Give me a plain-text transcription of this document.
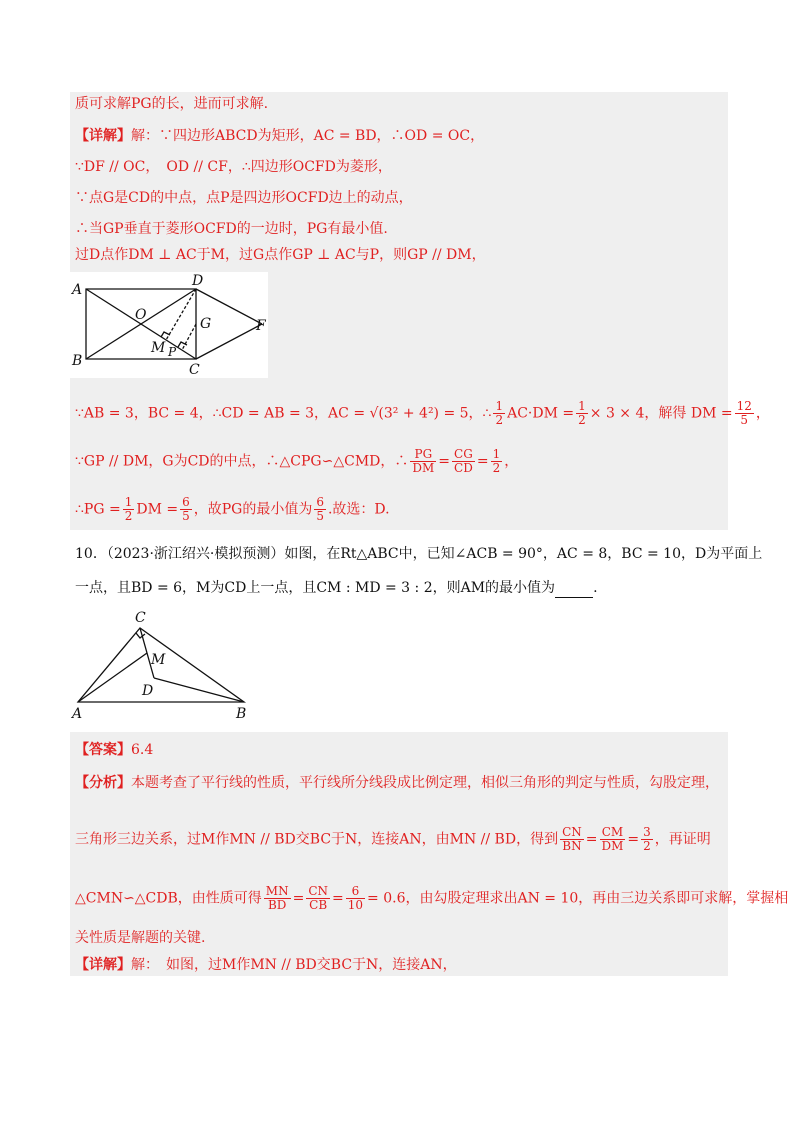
质可求解PG的长，进而可求解.
【详解】解：∵四边形ABCD为矩形，AC = BD，∴OD = OC，
∵DF // OC，　OD // CF，∴四边形OCFD为菱形，
∵点G是CD的中点，点P是四边形OCFD边上的动点，
∴当GP垂直于菱形OCFD的一边时，PG有最小值.
过D点作DM ⊥ AC于M，过G点作GP ⊥ AC与P，则GP // DM，
A
B
C
D
O
G	F
M P
∵AB = 3，BC = 4，∴CD = AB = 3，AC = √(3² + 4²) = 5，∴ $\frac{1}{2} AC\cdot DM = \frac{1}{2} \times 3 \times 4$，解得 DM = $\frac{12}{5}$ ，
∵GP // DM，G为CD的中点，∴△CPG∽△CMD，∴ $\frac{PG}{DM} = \frac{CG}{CD} = \frac{1}{2}$ ，
∴PG = $\frac{1}{2}$ DM = $\frac{6}{5}$ ，故PG的最小值为 $\frac{6}{5}$ .故选：D.
10．（2023·浙江绍兴·模拟预测）如图，在Rt△ABC中，已知∠ACB = 90°，AC = 8，BC = 10，D为平面上
一点，且BD = 6，M为CD上一点，且CM : MD = 3 : 2，则AM的最小值为	.
C
M
D
A	B
【答案】6.4
【分析】本题考查了平行线的性质，平行线所分线段成比例定理，相似三角形的判定与性质，勾股定理，
三角形三边关系，过M作MN // BD交BC于N，连接AN，由MN // BD，得到 $\frac{CN}{BN} = \frac{CM}{DM} = \frac{3}{2}$ ，再证明
△CMN∽△CDB，由性质可得 $\frac{MN}{BD} = \frac{CN}{CB} = \frac{6}{10} = 0.6$，由勾股定理求出AN = 10，再由三边关系即可求解，掌握相
关性质是解题的关键.
【详解】解：　如图，过M作MN // BD交BC于N，连接AN，
